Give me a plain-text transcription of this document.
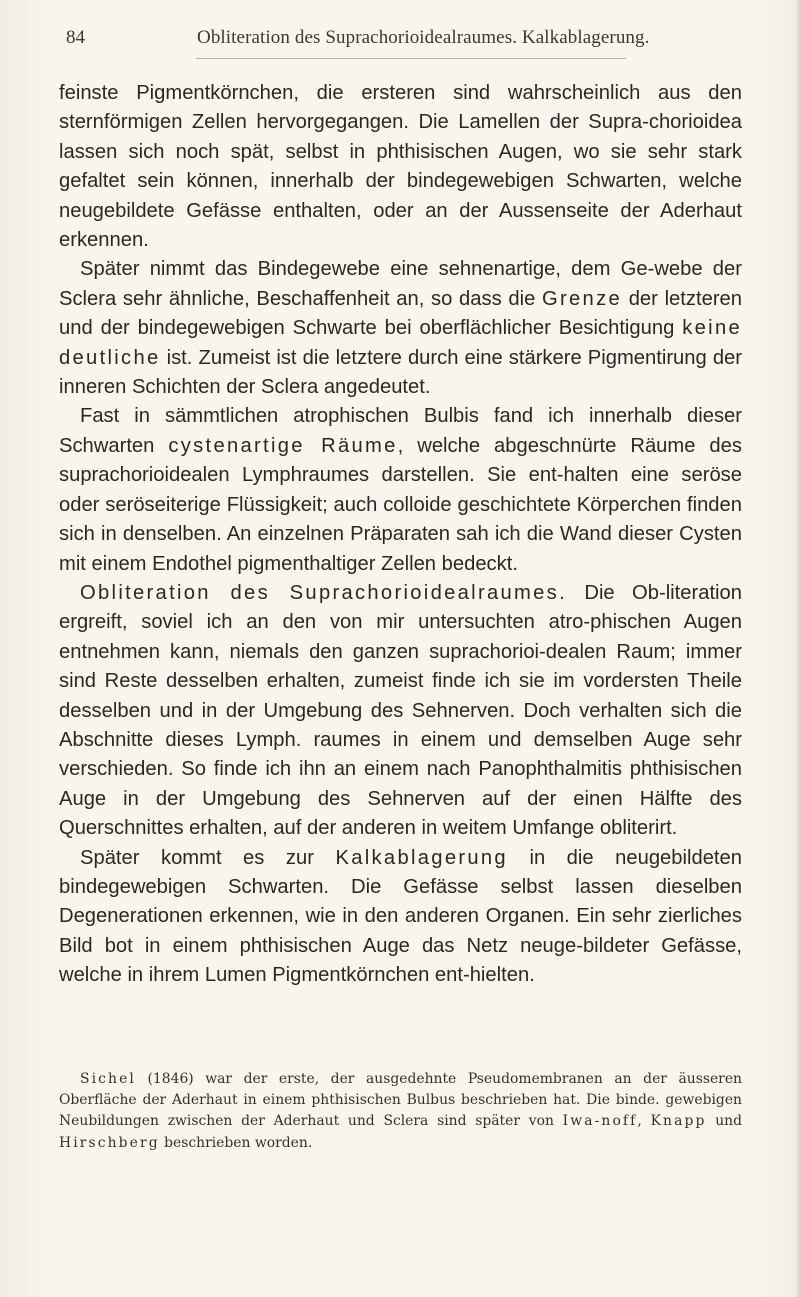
84	Obliteration des Suprachorioidealraumes. Kalkablagerung.

feinste Pigmentkörnchen, die ersteren sind wahrscheinlich aus den sternförmigen Zellen hervorgegangen. Die Lamellen der Supra-chorioidea lassen sich noch spät, selbst in phthisischen Augen, wo sie sehr stark gefaltet sein können, innerhalb der bindegewebigen Schwarten, welche neugebildete Gefässe enthalten, oder an der Aussenseite der Aderhaut erkennen.

Später nimmt das Bindegewebe eine sehnenartige, dem Ge-webe der Sclera sehr ähnliche, Beschaffenheit an, so dass die Grenze der letzteren und der bindegewebigen Schwarte bei oberflächlicher Besichtigung keine deutliche ist. Zumeist ist die letztere durch eine stärkere Pigmentirung der inneren Schichten der Sclera angedeutet.

Fast in sämmtlichen atrophischen Bulbis fand ich innerhalb dieser Schwarten cystenartige Räume, welche abgeschnürte Räume des suprachorioidealen Lymphraumes darstellen. Sie ent-halten eine seröse oder seröseiterige Flüssigkeit; auch colloide geschichtete Körperchen finden sich in denselben. An einzelnen Präparaten sah ich die Wand dieser Cysten mit einem Endothel pigmenthaltiger Zellen bedeckt.

Obliteration des Suprachorioidealraumes. Die Ob-literation ergreift, soviel ich an den von mir untersuchten atro-phischen Augen entnehmen kann, niemals den ganzen suprachorioi-dealen Raum; immer sind Reste desselben erhalten, zumeist finde ich sie im vordersten Theile desselben und in der Umgebung des Sehnerven. Doch verhalten sich die Abschnitte dieses Lymph. raumes in einem und demselben Auge sehr verschieden. So finde ich ihn an einem nach Panophthalmitis phthisischen Auge in der Umgebung des Sehnerven auf der einen Hälfte des Querschnittes erhalten, auf der anderen in weitem Umfange obliterirt.

Später kommt es zur Kalkablagerung in die neugebildeten bindegewebigen Schwarten. Die Gefässe selbst lassen dieselben Degenerationen erkennen, wie in den anderen Organen. Ein sehr zierliches Bild bot in einem phthisischen Auge das Netz neuge-bildeter Gefässe, welche in ihrem Lumen Pigmentkörnchen ent-hielten.

Sichel (1846) war der erste, der ausgedehnte Pseudomembranen an der äusseren Oberfläche der Aderhaut in einem phthisischen Bulbus beschrieben hat. Die binde. gewebigen Neubildungen zwischen der Aderhaut und Sclera sind später von Iwa-noff, Knapp und Hirschberg beschrieben worden.
